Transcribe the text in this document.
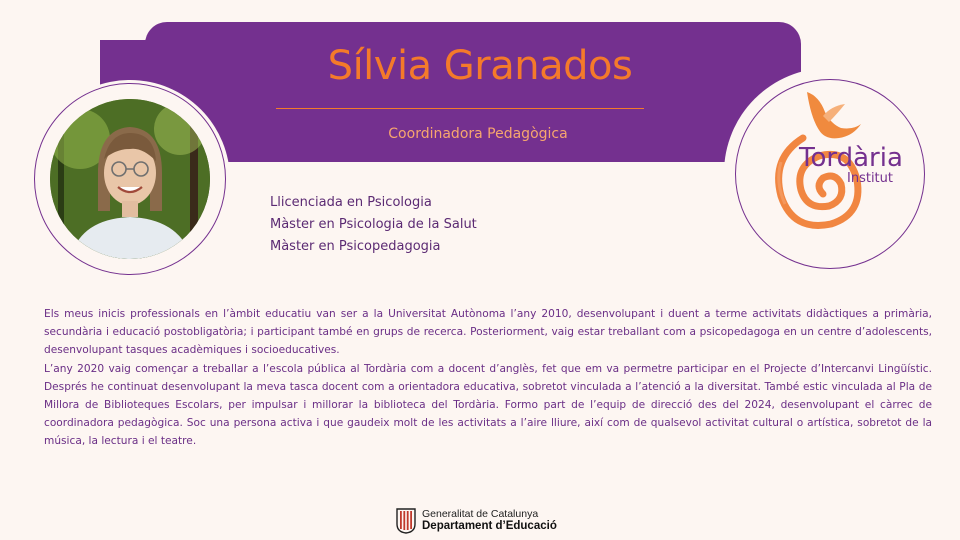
Sílvia Granados
Coordinadora Pedagògica
Tordària
Institut
Llicenciada en Psicologia
Màster en Psicologia de la Salut
Màster en Psicopedagogia

Els meus inicis professionals en l’àmbit educatiu van ser a la Universitat Autònoma l’any 2010, desenvolupant i duent a terme activitats didàctiques a primària, secundària i educació postobligatòria; i participant també en grups de recerca. Posteriorment, vaig estar treballant com a psicopedagoga en un centre d’adolescents, desenvolupant tasques acadèmiques i socioeducatives.

L’any 2020 vaig començar a treballar a l’escola pública al Tordària com a docent d’anglès, fet que em va permetre participar en el Projecte d’Intercanvi Lingüístic. Després he continuat desenvolupant la meva tasca docent com a orientadora educativa, sobretot vinculada a l’atenció a la diversitat. També estic vinculada al Pla de Millora de Biblioteques Escolars, per impulsar i millorar la biblioteca del Tordària. Formo part de l’equip de direcció des del 2024, desenvolupant el càrrec de coordinadora pedagògica. Soc una persona activa i que gaudeix molt de les activitats a l’aire lliure, així com de qualsevol activitat cultural o artística, sobretot de la música, la lectura i el teatre.

Generalitat de Catalunya
Departament d’Educació
